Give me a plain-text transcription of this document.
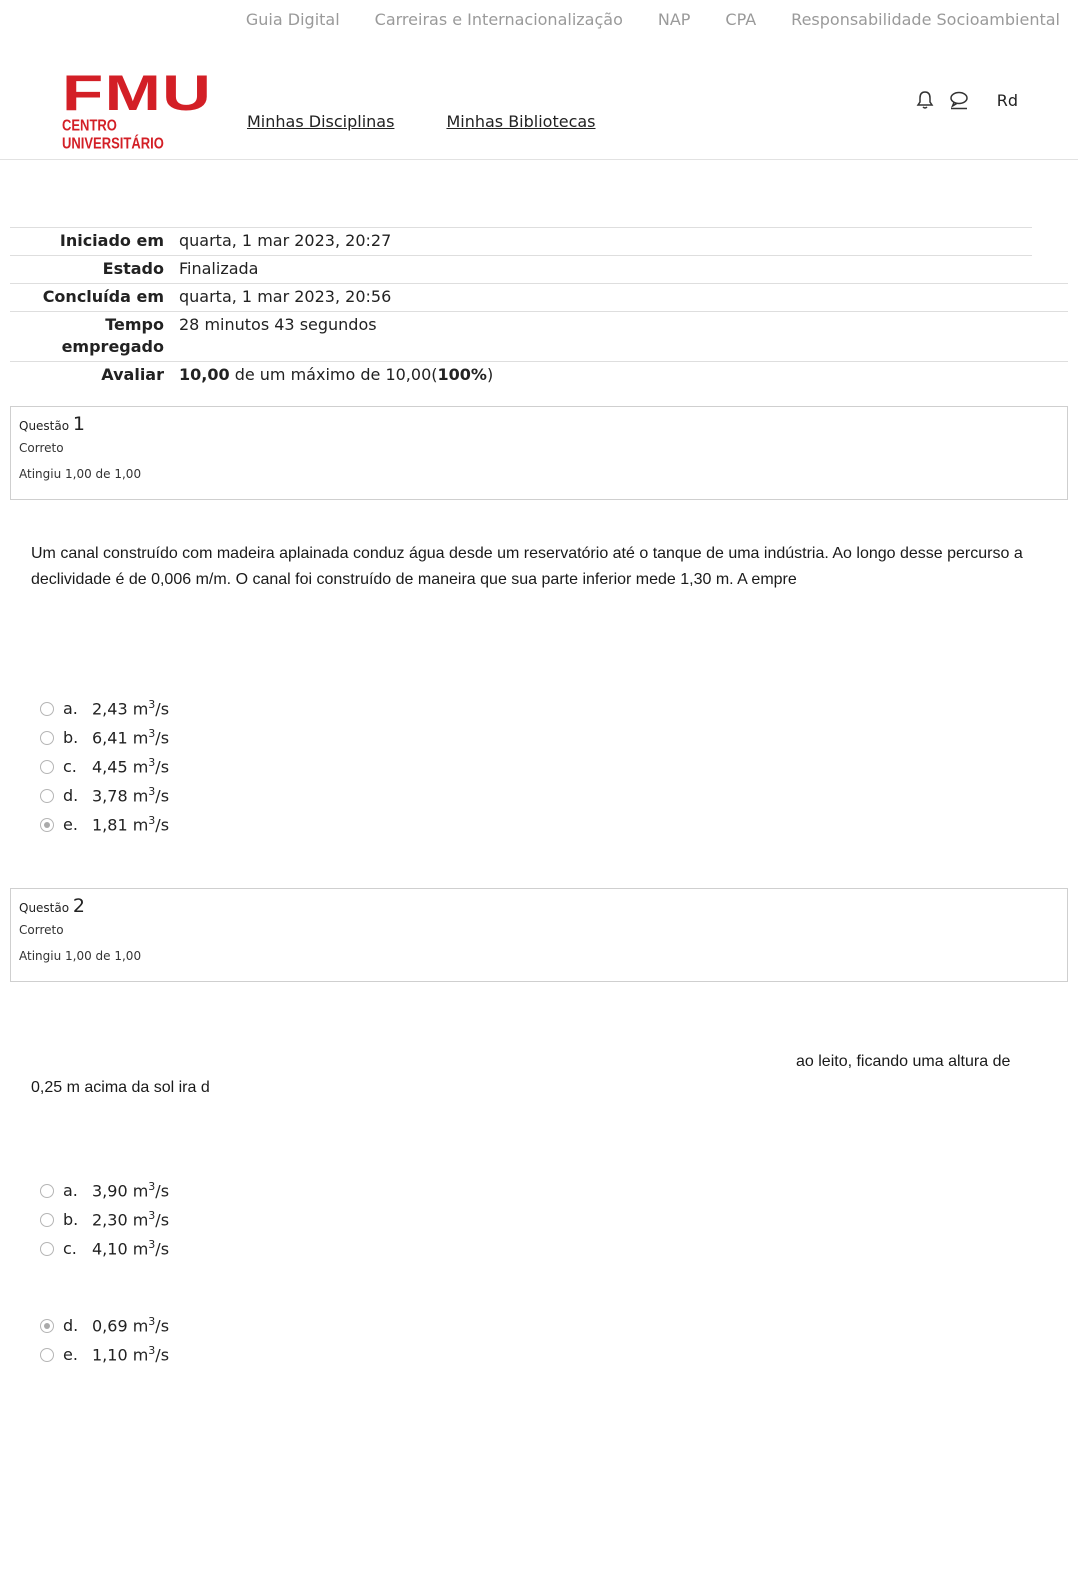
Guia Digital Carreiras e Internacionalização NAP CPA Responsabilidade Socioambiental
FMU
CENTRO UNIVERSITÁRIO
Minhas Disciplinas	Minhas Bibliotecas
Rd
Iniciado em quarta, 1 mar 2023, 20:27
Estado Finalizada
Concluída em quarta, 1 mar 2023, 20:56
Tempo
empregado
28 minutos 43 segundos
Avaliar 10,00 de um máximo de 10,00(100%)
Questão 1
Correto
Atingiu 1,00 de 1,00
Um canal construído com madeira aplainada conduz água desde um reservatório até o tanque de uma indústria. Ao longo desse percurso a
declividade é de 0,006 m/m. O canal foi construído de maneira que sua parte inferior mede 1,30 m. A empre
a. 2,43 $m^3/s$
b. 6,41 $m^3/s$
c. 4,45 $m^3/s$
d. 3,78 $m^3/s$
e. 1,81 $m^3/s$
Questão 2
Correto
Atingiu 1,00 de 1,00
ao leito, ficando uma altura de
0,25 m acima da sol ira d
a. 3,90 $m^3/s$
b. 2,30 $m^3/s$
c. 4,10 $m^3/s$
d. 0,69 $m^3/s$
e. 1,10 $m^3/s$
